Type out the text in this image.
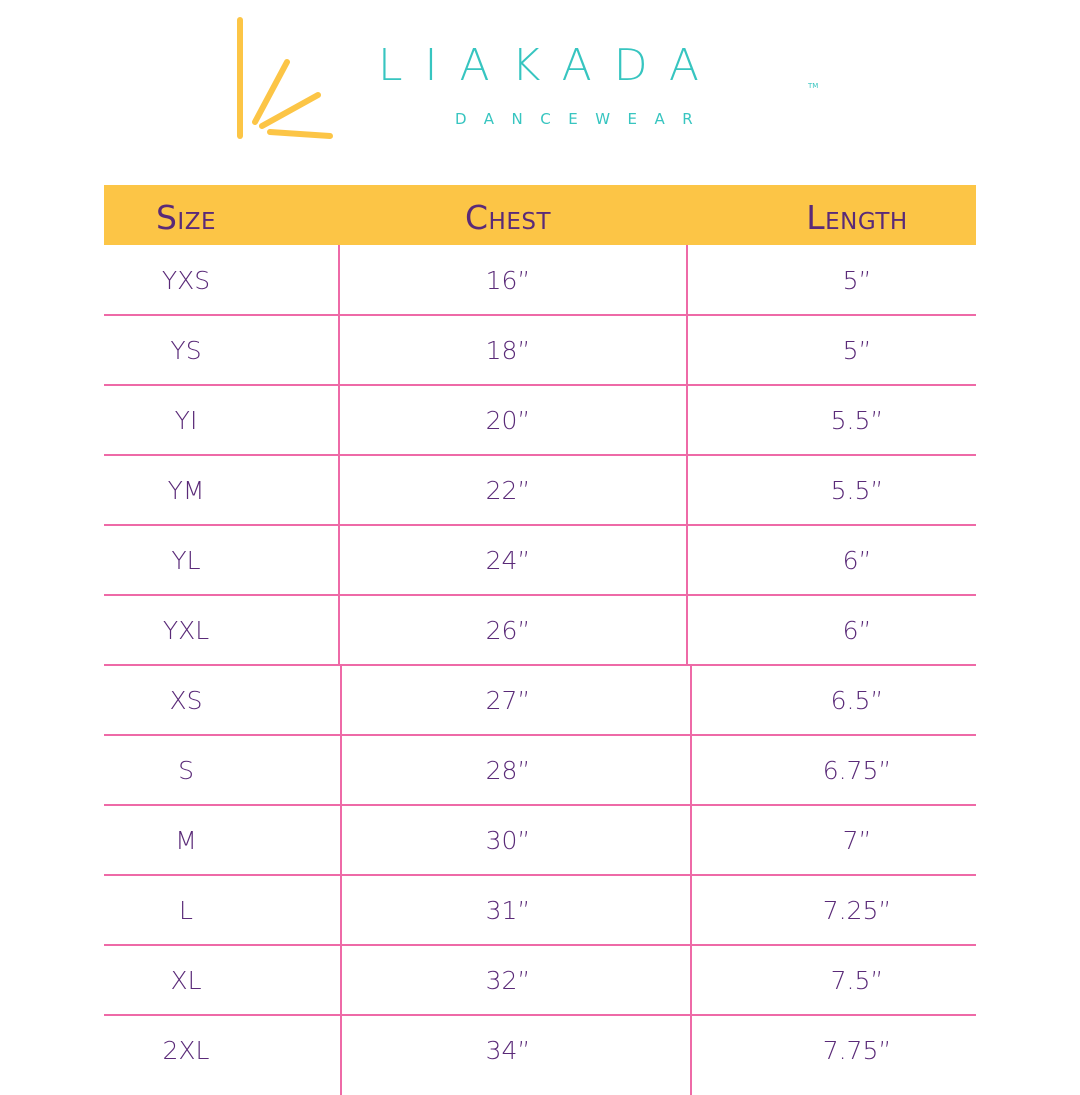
LIAKADA	TM
DANCEWEAR
Size	Chest	Length
YXS	16”	5”
YS	18”	5”
YI	20”	5.5”
YM	22”	5.5”
YL	24”	6”
YXL	26”	6”
XS	27”	6.5”
S	28”	6.75”
M	30”	7”
L	31”	7.25”
XL	32”	7.5”
2XL	34”	7.75”
